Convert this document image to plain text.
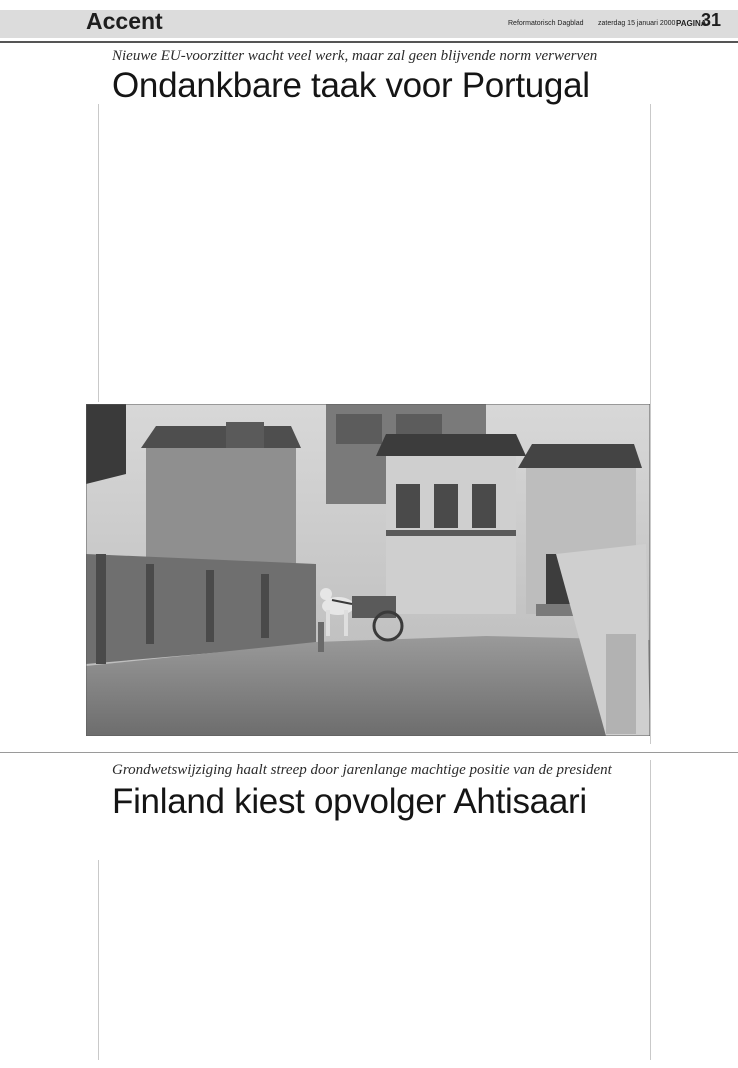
Accent	Reformatorisch Dagblad zaterdag 15 januari 2000 PAGINA
31
Nieuwe EU-voorzitter wacht veel werk, maar zal geen blijvende norm verwerven
Ondankbare taak voor Portugal
Grondwetswijziging haalt streep door jarenlange machtige positie van de president
Finland kiest opvolger Ahtisaari
